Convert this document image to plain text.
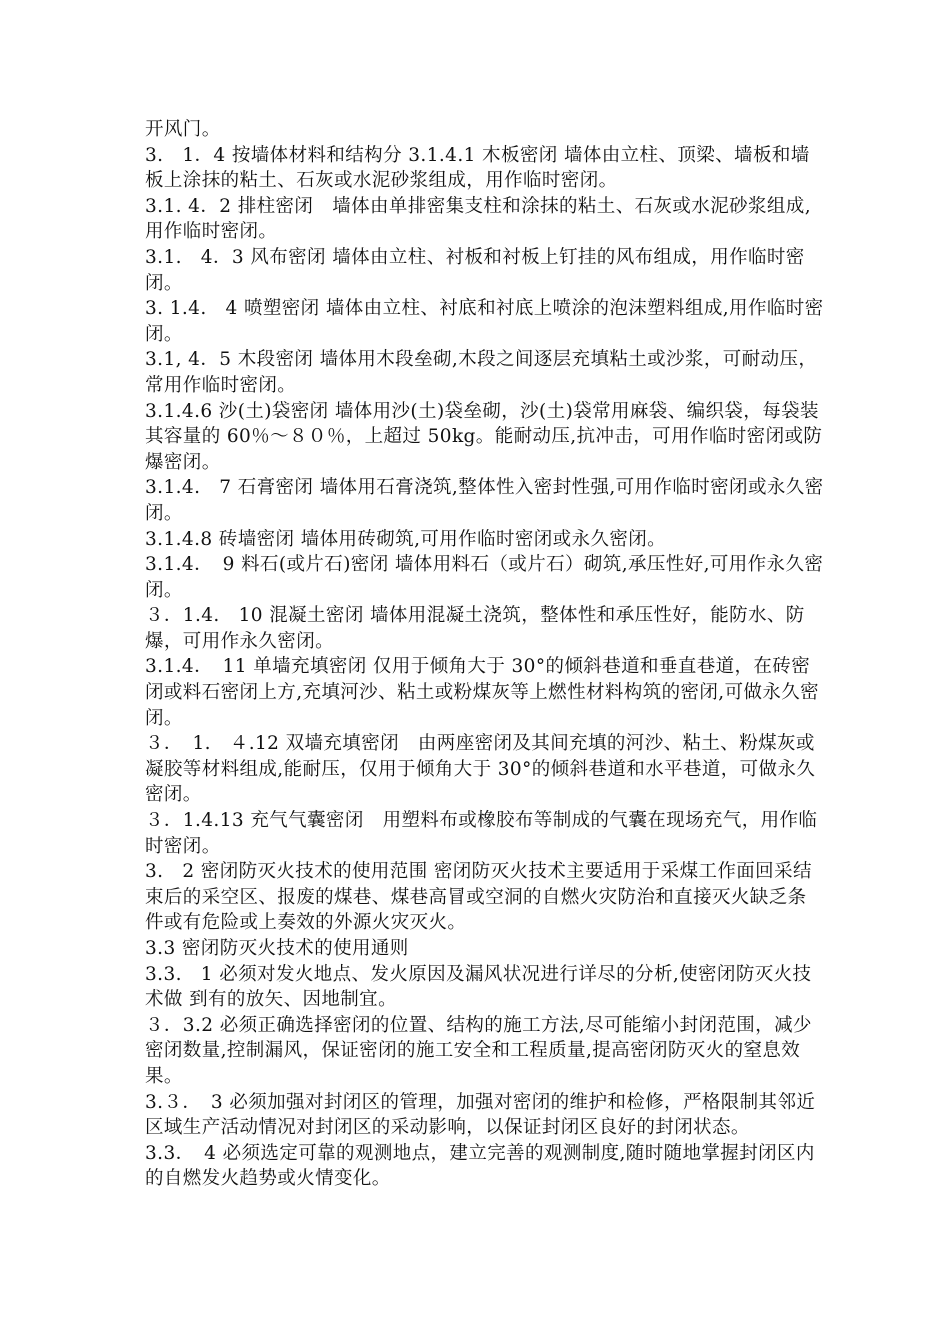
开风门。

3.　1．4 按墙体材料和结构分 3.1.4.1 木板密闭 墙体由立柱、顶梁、墙板和墙板上涂抹的粘土、石灰或水泥砂浆组成，用作临时密闭。

3.1. 4．2 排柱密闭　墙体由单排密集支柱和涂抹的粘土、石灰或水泥砂浆组成,用作临时密闭。

3.1.　4．3 风布密闭 墙体由立柱、衬板和衬板上钉挂的风布组成，用作临时密闭。

3. 1.4.　4 喷塑密闭 墙体由立柱、衬底和衬底上喷涂的泡沫塑料组成,用作临时密闭。

3.1, 4．5 木段密闭 墙体用木段垒砌,木段之间逐层充填粘土或沙浆，可耐动压，常用作临时密闭。

3.1.4.6 沙(土)袋密闭 墙体用沙(土)袋垒砌，沙(土)袋常用麻袋、编织袋，每袋装其容量的 60％～８０％，上超过 50kg。能耐动压,抗冲击，可用作临时密闭或防爆密闭。

3.1.4.　7 石膏密闭 墙体用石膏浇筑,整体性入密封性强,可用作临时密闭或永久密闭。

3.1.4.8 砖墙密闭 墙体用砖砌筑,可用作临时密闭或永久密闭。

3.1.4．　9 料石(或片石)密闭 墙体用料石（或片石）砌筑,承压性好,可用作永久密闭。

３．1.4.　10 混凝土密闭 墙体用混凝土浇筑，整体性和承压性好，能防水、防爆，可用作永久密闭。

3.1.4．　11 单墙充填密闭 仅用于倾角大于 30°的倾斜巷道和垂直巷道，在砖密闭或料石密闭上方,充填河沙、粘土或粉煤灰等上燃性材料构筑的密闭,可做永久密闭。

３．　1.　４.12 双墙充填密闭　由两座密闭及其间充填的河沙、粘土、粉煤灰或凝胶等材料组成,能耐压，仅用于倾角大于 30°的倾斜巷道和水平巷道，可做永久密闭。

３．1.4.13 充气气囊密闭　用塑料布或橡胶布等制成的气囊在现场充气，用作临时密闭。

3.　2 密闭防灭火技术的使用范围 密闭防灭火技术主要适用于采煤工作面回采结束后的采空区、报废的煤巷、煤巷高冒或空洞的自燃火灾防治和直接灭火缺乏条件或有危险或上奏效的外源火灾灭火。

3.3 密闭防灭火技术的使用通则

3.3.　1 必须对发火地点、发火原因及漏风状况进行详尽的分析,使密闭防灭火技术做 到有的放矢、因地制宜。

３．3.2 必须正确选择密闭的位置、结构的施工方法,尽可能缩小封闭范围，减少密闭数量,控制漏风，保证密闭的施工安全和工程质量,提高密闭防灭火的窒息效果。

3.３．　3 必须加强对封闭区的管理，加强对密闭的维护和检修，严格限制其邻近区域生产活动情况对封闭区的采动影响，以保证封闭区良好的封闭状态。

3.3．　4 必须选定可靠的观测地点，建立完善的观测制度,随时随地掌握封闭区内的自燃发火趋势或火情变化。
